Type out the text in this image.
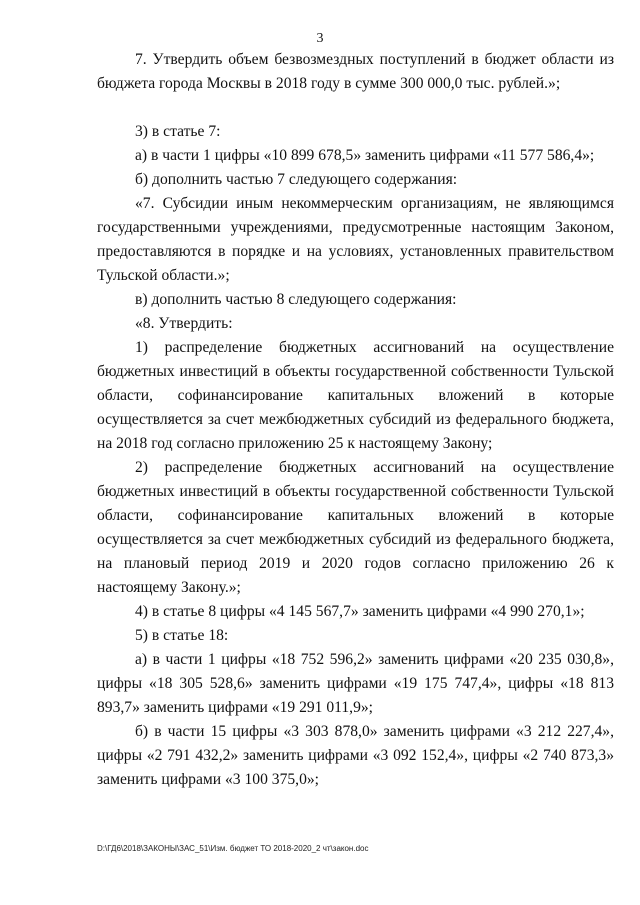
3

7. Утвердить объем безвозмездных поступлений в бюджет области из бюджета города Москвы в 2018 году в сумме 300 000,0 тыс. рублей.»;

3) в статье 7:

а) в части 1 цифры «10 899 678,5» заменить цифрами «11 577 586,4»;

б) дополнить частью 7 следующего содержания:

«7. Субсидии иным некоммерческим организациям, не являющимся государственными учреждениями, предусмотренные настоящим Законом, предоставляются в порядке и на условиях, установленных правительством Тульской области.»;

в) дополнить частью 8 следующего содержания:

«8. Утвердить:

1) распределение бюджетных ассигнований на осуществление бюджетных инвестиций в объекты государственной собственности Тульской области, софинансирование капитальных вложений в которые осуществляется за счет межбюджетных субсидий из федерального бюджета, на 2018 год согласно приложению 25 к настоящему Закону;

2) распределение бюджетных ассигнований на осуществление бюджетных инвестиций в объекты государственной собственности Тульской области, софинансирование капитальных вложений в которые осуществляется за счет межбюджетных субсидий из федерального бюджета, на плановый период 2019 и 2020 годов согласно приложению 26 к настоящему Закону.»;

4) в статье 8 цифры «4 145 567,7» заменить цифрами «4 990 270,1»;

5) в статье 18:

а) в части 1 цифры «18 752 596,2» заменить цифрами «20 235 030,8», цифры «18 305 528,6» заменить цифрами «19 175 747,4», цифры «18 813 893,7» заменить цифрами «19 291 011,9»;

б) в части 15 цифры «3 303 878,0» заменить цифрами «3 212 227,4», цифры «2 791 432,2» заменить цифрами «3 092 152,4», цифры «2 740 873,3» заменить цифрами «3 100 375,0»;

D:\ГД6\2018\ЗАКОНЫ\ЗАС_51\Изм. бюджет ТО 2018-2020_2 чт\закон.doc
